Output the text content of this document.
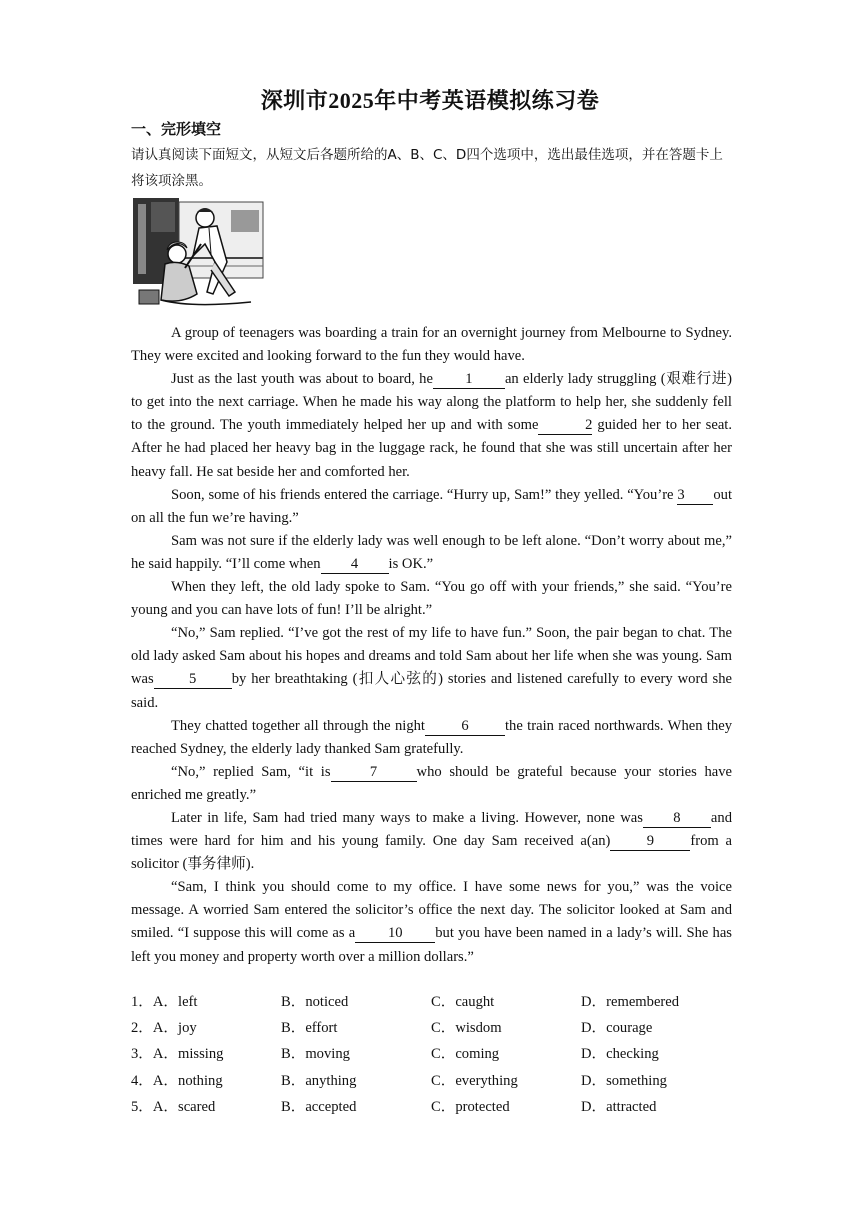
深圳市2025年中考英语模拟练习卷
一、完形填空
请认真阅读下面短文，从短文后各题所给的A、B、C、D四个选项中，选出最佳选项，并在答题卡上将该项涂黑。

A group of teenagers was boarding a train for an overnight journey from Melbourne to Sydney. They were excited and looking forward to the fun they would have.

Just as the last youth was about to board, he 1 an elderly lady struggling (艰难行进) to get into the next carriage. When he made his way along the platform to help her, she suddenly fell to the ground. The youth immediately helped her up and with some	2 guided her to her seat. After he had placed her heavy bag in the luggage rack, he found that she was still uncertain after her heavy fall. He sat beside her and comforted her.

Soon, some of his friends entered the carriage. “Hurry up, Sam!” they yelled. “You’re 3 out on all the fun we’re having.”

Sam was not sure if the elderly lady was well enough to be left alone. “Don’t worry about me,” he said happily. “I’ll come when 4 is OK.”

When they left, the old lady spoke to Sam. “You go off with your friends,” she said. “You’re young and you can have lots of fun! I’ll be alright.”

“No,” Sam replied. “I’ve got the rest of my life to have fun.” Soon, the pair began to chat. The old lady asked Sam about his hopes and dreams and told Sam about her life when she was young. Sam was 5 by her breathtaking (扣人心弦的) stories and listened carefully to every word she said.

They chatted together all through the night 6 the train raced northwards. When they reached Sydney, the elderly lady thanked Sam gratefully.

“No,” replied Sam, “it is	7	who should be grateful because your stories have enriched me greatly.”

Later in life, Sam had tried many ways to make a living. However, none was 8 and times were hard for him and his young family. One day Sam received a(an) 9 from a solicitor (事务律师).

“Sam, I think you should come to my office. I have some news for you,” was the voice message. A worried Sam entered the solicitor’s office the next day. The solicitor looked at Sam and smiled. “I suppose this will come as a 10 but you have been named in a lady’s will. She has left you money and property worth over a million dollars.”

1．A．left	B．noticed	C．caught	D．remembered
2．A．joy	B．effort	C．wisdom	D．courage
3．A．missing	B．moving	C．coming	D．checking
4．A．nothing	B．anything	C．everything	D．something
5．A．scared	B．accepted	C．protected	D．attracted
